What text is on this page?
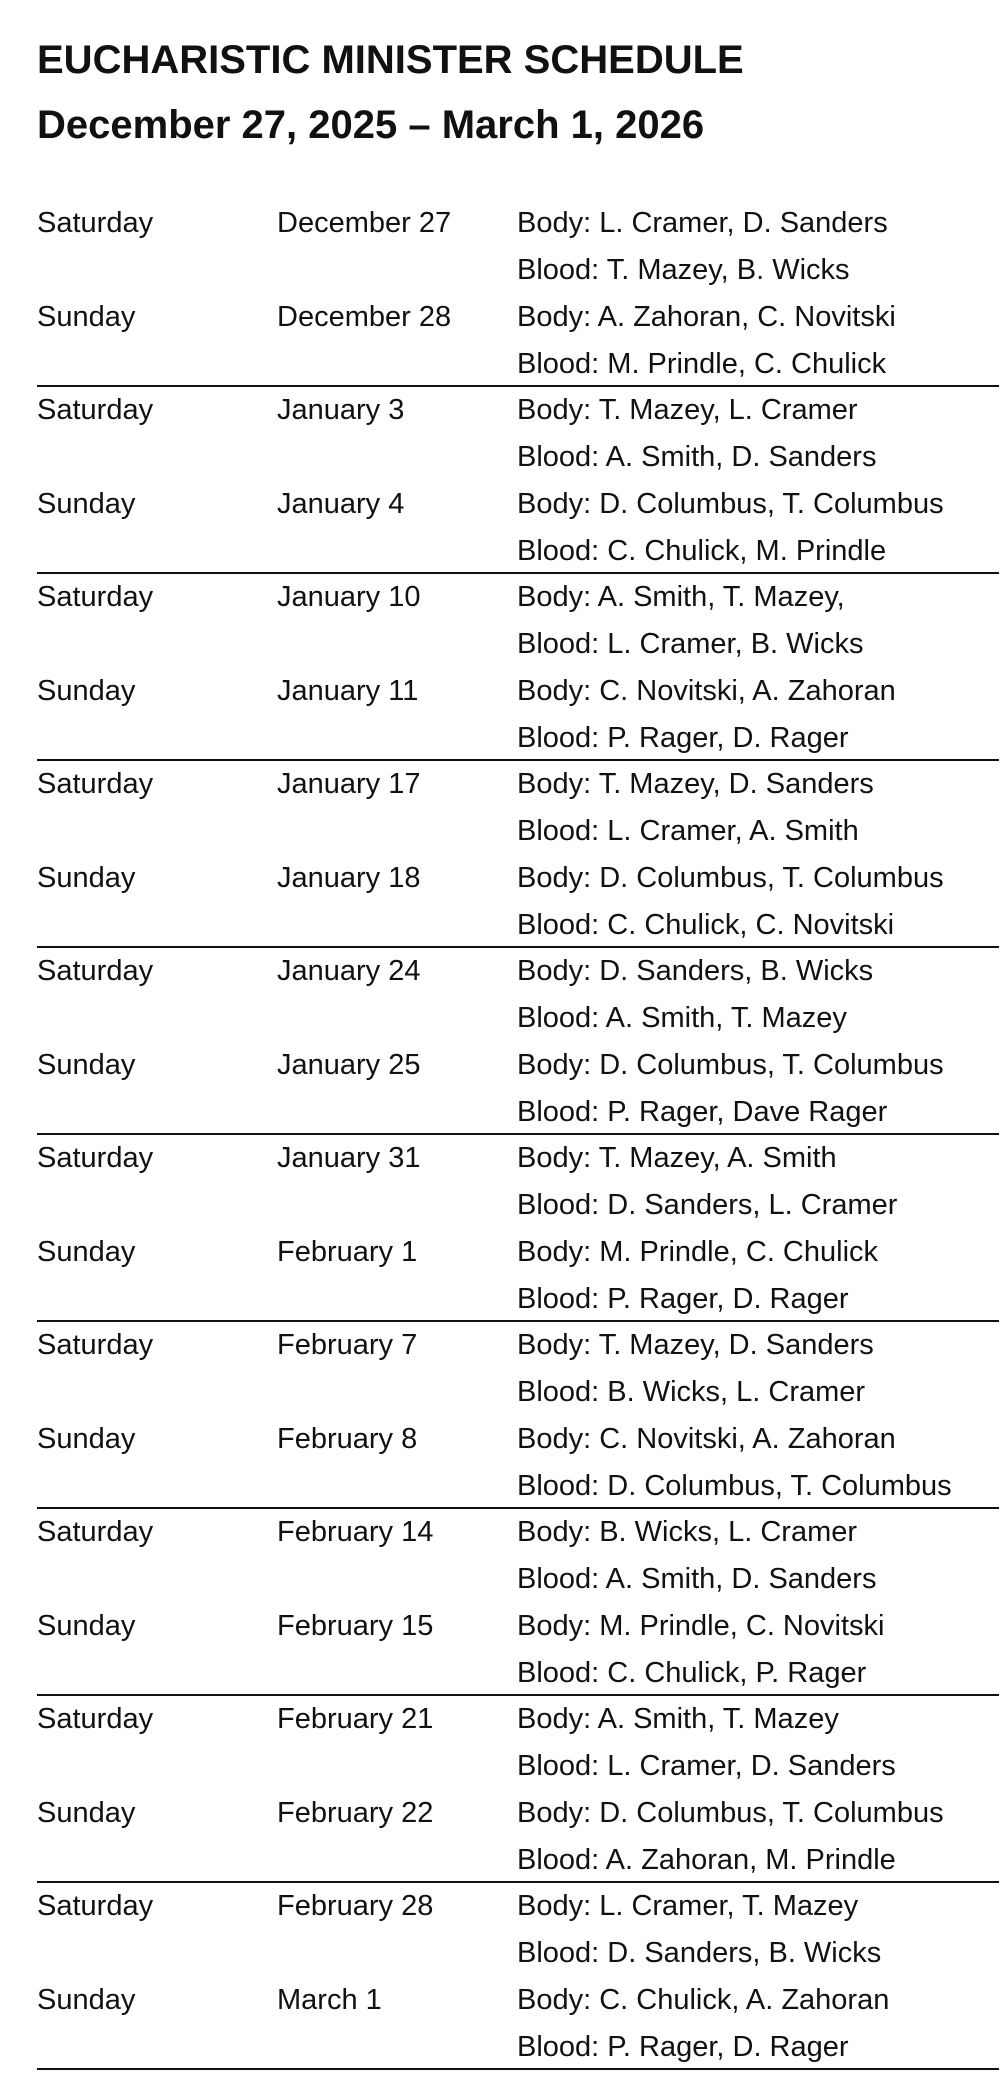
EUCHARISTIC MINISTER SCHEDULE
December 27, 2025 – March 1, 2026
Saturday	December 27 Body: L. Cramer, D. Sanders
Blood: T. Mazey, B. Wicks
Sunday	December 28 Body: A. Zahoran, C. Novitski
Blood: M. Prindle, C. Chulick
Saturday	January 3	Body: T. Mazey, L. Cramer
Blood: A. Smith, D. Sanders
Sunday	January 4	Body: D. Columbus, T. Columbus
Blood: C. Chulick, M. Prindle
Saturday	January 10	Body: A. Smith, T. Mazey,
Blood: L. Cramer, B. Wicks
Sunday	January 11	Body: C. Novitski, A. Zahoran
Blood: P. Rager, D. Rager
Saturday	January 17	Body: T. Mazey, D. Sanders
Blood: L. Cramer, A. Smith
Sunday	January 18	Body: D. Columbus, T. Columbus
Blood: C. Chulick, C. Novitski
Saturday	January 24	Body: D. Sanders, B. Wicks
Blood: A. Smith, T. Mazey
Sunday	January 25	Body: D. Columbus, T. Columbus
Blood: P. Rager, Dave Rager
Saturday	January 31	Body: T. Mazey, A. Smith
Blood: D. Sanders, L. Cramer
Sunday	February 1	Body: M. Prindle, C. Chulick
Blood: P. Rager, D. Rager
Saturday	February 7	Body: T. Mazey, D. Sanders
Blood: B. Wicks, L. Cramer
Sunday	February 8	Body: C. Novitski, A. Zahoran
Blood: D. Columbus, T. Columbus
Saturday	February 14	Body: B. Wicks, L. Cramer
Blood: A. Smith, D. Sanders
Sunday	February 15	Body: M. Prindle, C. Novitski
Blood: C. Chulick, P. Rager
Saturday	February 21	Body: A. Smith, T. Mazey
Blood: L. Cramer, D. Sanders
Sunday	February 22	Body: D. Columbus, T. Columbus
Blood: A. Zahoran, M. Prindle
Saturday	February 28	Body: L. Cramer, T. Mazey
Blood: D. Sanders, B. Wicks
Sunday	March 1	Body: C. Chulick, A. Zahoran
Blood: P. Rager, D. Rager
